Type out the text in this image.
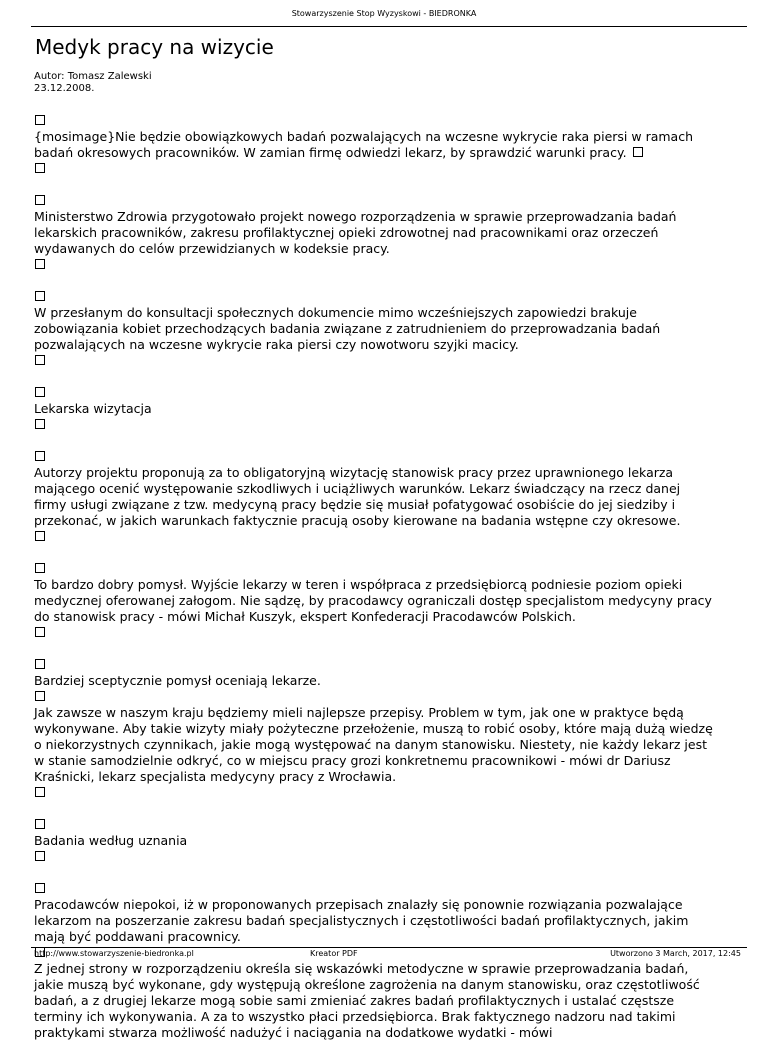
Stowarzyszenie Stop Wyzyskowi - BIEDRONKA
Medyk pracy na wizycie
Autor: Tomasz Zalewski
23.12.2008.
{mosimage}Nie będzie obowiązkowych badań pozwalających na wczesne wykrycie raka piersi w ramach badań okresowych pracowników. W zamian firmę odwiedzi lekarz, by sprawdzić warunki pracy.
Ministerstwo Zdrowia przygotowało projekt nowego rozporządzenia w sprawie przeprowadzania badań lekarskich pracowników, zakresu profilaktycznej opieki zdrowotnej nad pracownikami oraz orzeczeń wydawanych do celów przewidzianych w kodeksie pracy.
W przesłanym do konsultacji społecznych dokumencie mimo wcześniejszych zapowiedzi brakuje zobowiązania kobiet przechodzących badania związane z zatrudnieniem do przeprowadzania badań pozwalających na wczesne wykrycie raka piersi czy nowotworu szyjki macicy.
Lekarska wizytacja
Autorzy projektu proponują za to obligatoryjną wizytację stanowisk pracy przez uprawnionego lekarza mającego ocenić występowanie szkodliwych i uciążliwych warunków. Lekarz świadczący na rzecz danej firmy usługi związane z tzw. medycyną pracy będzie się musiał pofatygować osobiście do jej siedziby i przekonać, w jakich warunkach faktycznie pracują osoby kierowane na badania wstępne czy okresowe.
To bardzo dobry pomysł. Wyjście lekarzy w teren i współpraca z przedsiębiorcą podniesie poziom opieki medycznej oferowanej załogom. Nie sądzę, by pracodawcy ograniczali dostęp specjalistom medycyny pracy do stanowisk pracy - mówi Michał Kuszyk, ekspert Konfederacji Pracodawców Polskich.
Bardziej sceptycznie pomysł oceniają lekarze.
Jak zawsze w naszym kraju będziemy mieli najlepsze przepisy. Problem w tym, jak one w praktyce będą wykonywane. Aby takie wizyty miały pożyteczne przełożenie, muszą to robić osoby, które mają dużą wiedzę o niekorzystnych czynnikach, jakie mogą występować na danym stanowisku. Niestety, nie każdy lekarz jest w stanie samodzielnie odkryć, co w miejscu pracy grozi konkretnemu pracownikowi - mówi dr Dariusz Kraśnicki, lekarz specjalista medycyny pracy z Wrocławia.
Badania według uznania
Pracodawców niepokoi, iż w proponowanych przepisach znalazły się ponownie rozwiązania pozwalające lekarzom na poszerzanie zakresu badań specjalistycznych i częstotliwości badań profilaktycznych, jakim mają być poddawani pracownicy.
Z jednej strony w rozporządzeniu określa się wskazówki metodyczne w sprawie przeprowadzania badań, jakie muszą być wykonane, gdy występują określone zagrożenia na danym stanowisku, oraz częstotliwość badań, a z drugiej lekarze mogą sobie sami zmieniać zakres badań profilaktycznych i ustalać częstsze terminy ich wykonywania. A za to wszystko płaci przedsiębiorca. Brak faktycznego nadzoru nad takimi praktykami stwarza możliwość nadużyć i naciągania na dodatkowe wydatki - mówi
http://www.stowarzyszenie-biedronka.pl	Kreator PDF	Utworzono 3 March, 2017, 12:45
